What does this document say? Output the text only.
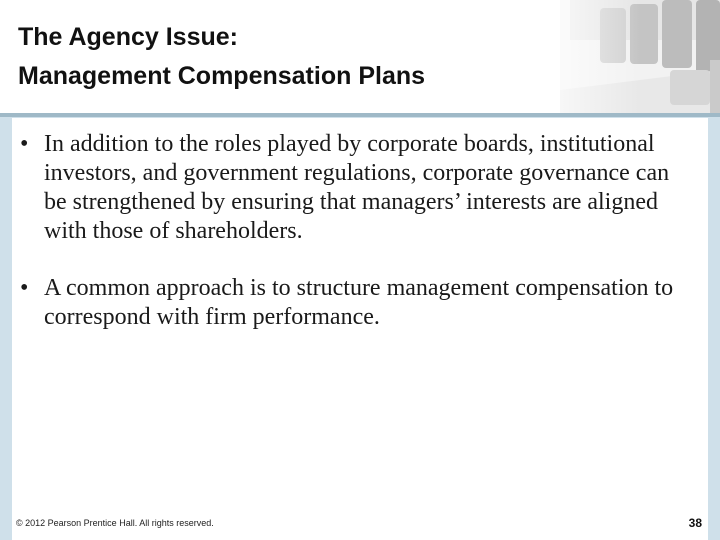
The Agency Issue:
Management Compensation Plans
• In addition to the roles played by corporate boards, institutional investors, and government regulations, corporate governance can be strengthened by ensuring that managers’ interests are aligned with those of shareholders.
• A common approach is to structure management compensation to correspond with firm performance.
© 2012 Pearson Prentice Hall. All rights reserved.	38
